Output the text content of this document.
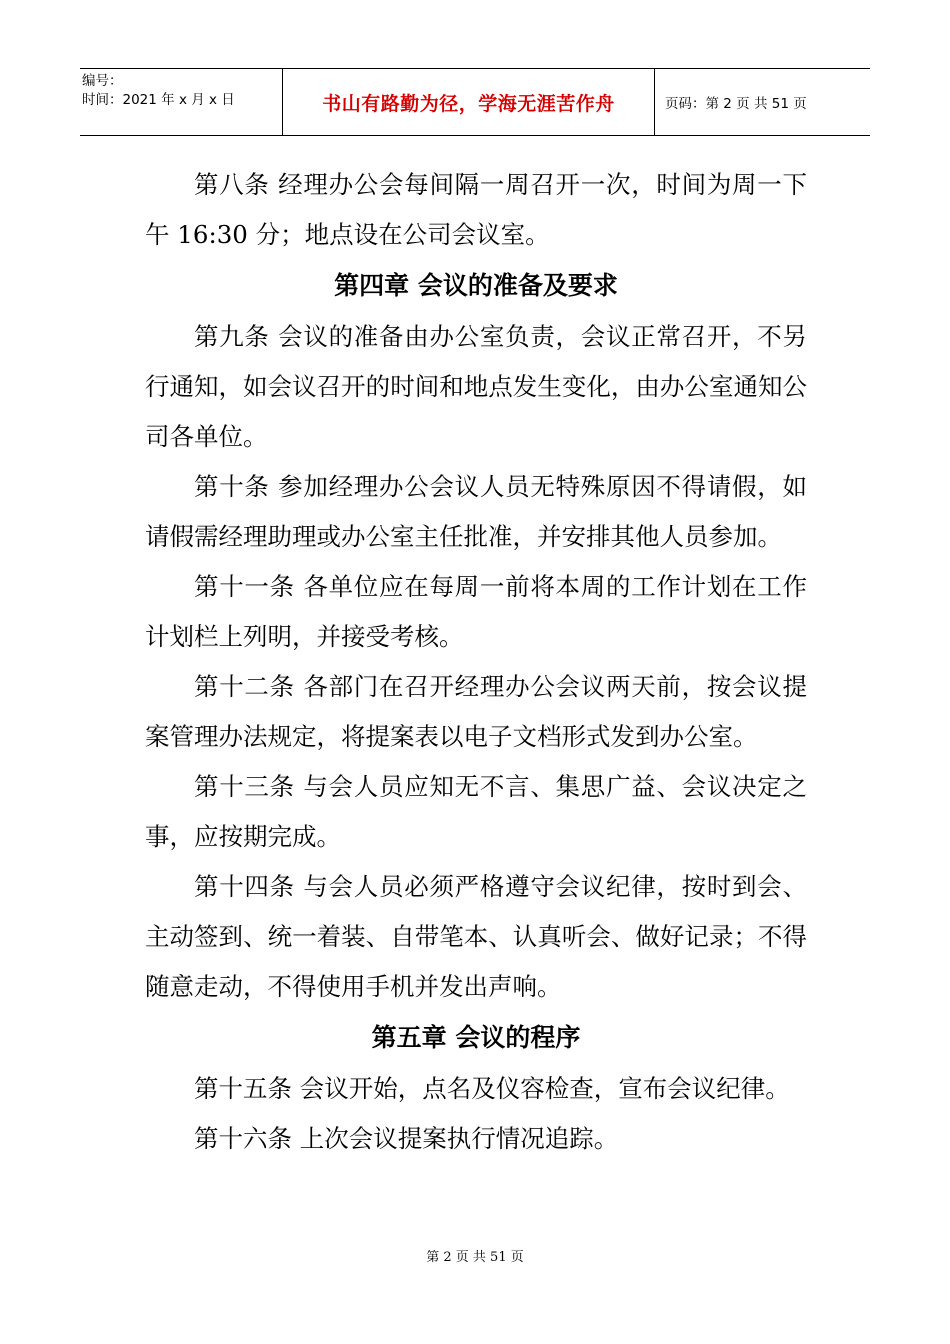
编号：
时间：2021 年 x 月 x 日	书山有路勤为径，学海无涯苦作舟	页码：第 2 页 共 51 页

第八条 经理办公会每间隔一周召开一次，时间为周一下午 16:30 分；地点设在公司会议室。

第四章 会议的准备及要求

第九条 会议的准备由办公室负责，会议正常召开，不另行通知，如会议召开的时间和地点发生变化，由办公室通知公司各单位。

第十条 参加经理办公会议人员无特殊原因不得请假，如请假需经理助理或办公室主任批准，并安排其他人员参加。

第十一条 各单位应在每周一前将本周的工作计划在工作计划栏上列明，并接受考核。

第十二条 各部门在召开经理办公会议两天前，按会议提案管理办法规定，将提案表以电子文档形式发到办公室。

第十三条 与会人员应知无不言、集思广益、会议决定之事，应按期完成。

第十四条 与会人员必须严格遵守会议纪律，按时到会、主动签到、统一着装、自带笔本、认真听会、做好记录；不得随意走动，不得使用手机并发出声响。

第五章 会议的程序

第十五条 会议开始，点名及仪容检查，宣布会议纪律。

第十六条 上次会议提案执行情况追踪。

第 2 页 共 51 页
